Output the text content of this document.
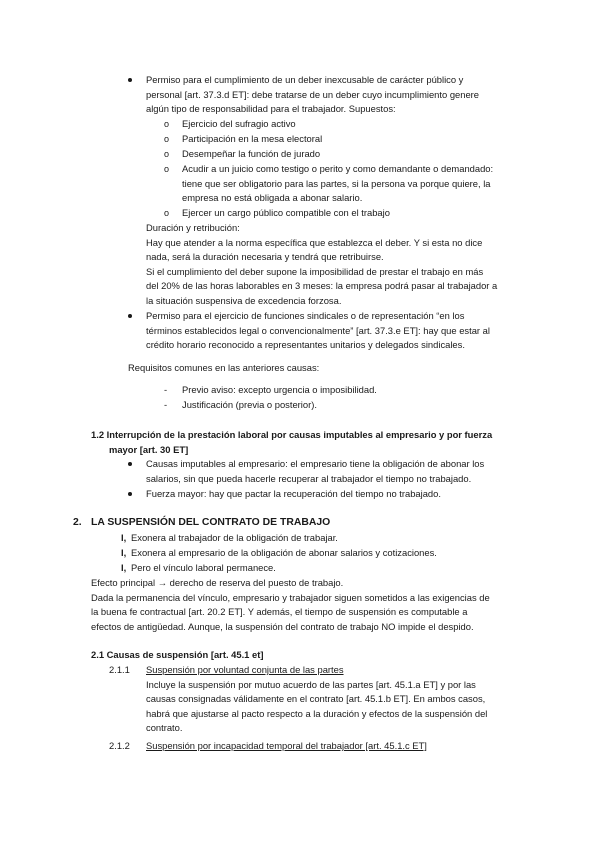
Permiso para el cumplimiento de un deber inexcusable de carácter público y

personal [art. 37.3.d ET]: debe tratarse de un deber cuyo incumplimiento genere

algún tipo de responsabilidad para el trabajador. Supuestos:

o Ejercicio del sufragio activo

o Participación en la mesa electoral

o Desempeñar la función de jurado

o Acudir a un juicio como testigo o perito y como demandante o demandado:

tiene que ser obligatorio para las partes, si la persona va porque quiere, la

empresa no está obligada a abonar salario.

o Ejercer un cargo público compatible con el trabajo

Duración y retribución:

Hay que atender a la norma específica que establezca el deber. Y si esta no dice

nada, será la duración necesaria y tendrá que retribuirse.

Si el cumplimiento del deber supone la imposibilidad de prestar el trabajo en más

del 20% de las horas laborables en 3 meses: la empresa podrá pasar al trabajador a

la situación suspensiva de excedencia forzosa.

Permiso para el ejercicio de funciones sindicales o de representación “en los

términos establecidos legal o convencionalmente” [art. 37.3.e ET]: hay que estar al

crédito horario reconocido a representantes unitarios y delegados sindicales.

Requisitos comunes en las anteriores causas:

- Previo aviso: excepto urgencia o imposibilidad.

- Justificación (previa o posterior).

1.2 Interrupción de la prestación laboral por causas imputables al empresario y por fuerza

mayor [art. 30 ET]

Causas imputables al empresario: el empresario tiene la obligación de abonar los

salarios, sin que pueda hacerle recuperar al trabajador el tiempo no trabajado.

Fuerza mayor: hay que pactar la recuperación del tiempo no trabajado.

2. LA SUSPENSIÓN DEL CONTRATO DE TRABAJO

Ɩ, Exonera al trabajador de la obligación de trabajar.

Ɩ, Exonera al empresario de la obligación de abonar salarios y cotizaciones.

Ɩ, Pero el vínculo laboral permanece.

Efecto principal → derecho de reserva del puesto de trabajo.

Dada la permanencia del vínculo, empresario y trabajador siguen sometidos a las exigencias de

la buena fe contractual [art. 20.2 ET]. Y además, el tiempo de suspensión es computable a

efectos de antigüedad. Aunque, la suspensión del contrato de trabajo NO impide el despido.

2.1 Causas de suspensión [art. 45.1 et]

2.1.1 Suspensión por voluntad conjunta de las partes

Incluye la suspensión por mutuo acuerdo de las partes [art. 45.1.a ET] y por las

causas consignadas válidamente en el contrato [art. 45.1.b ET]. En ambos casos,

habrá que ajustarse al pacto respecto a la duración y efectos de la suspensión del

contrato.

2.1.2 Suspensión por incapacidad temporal del trabajador [art. 45.1.c ET]
